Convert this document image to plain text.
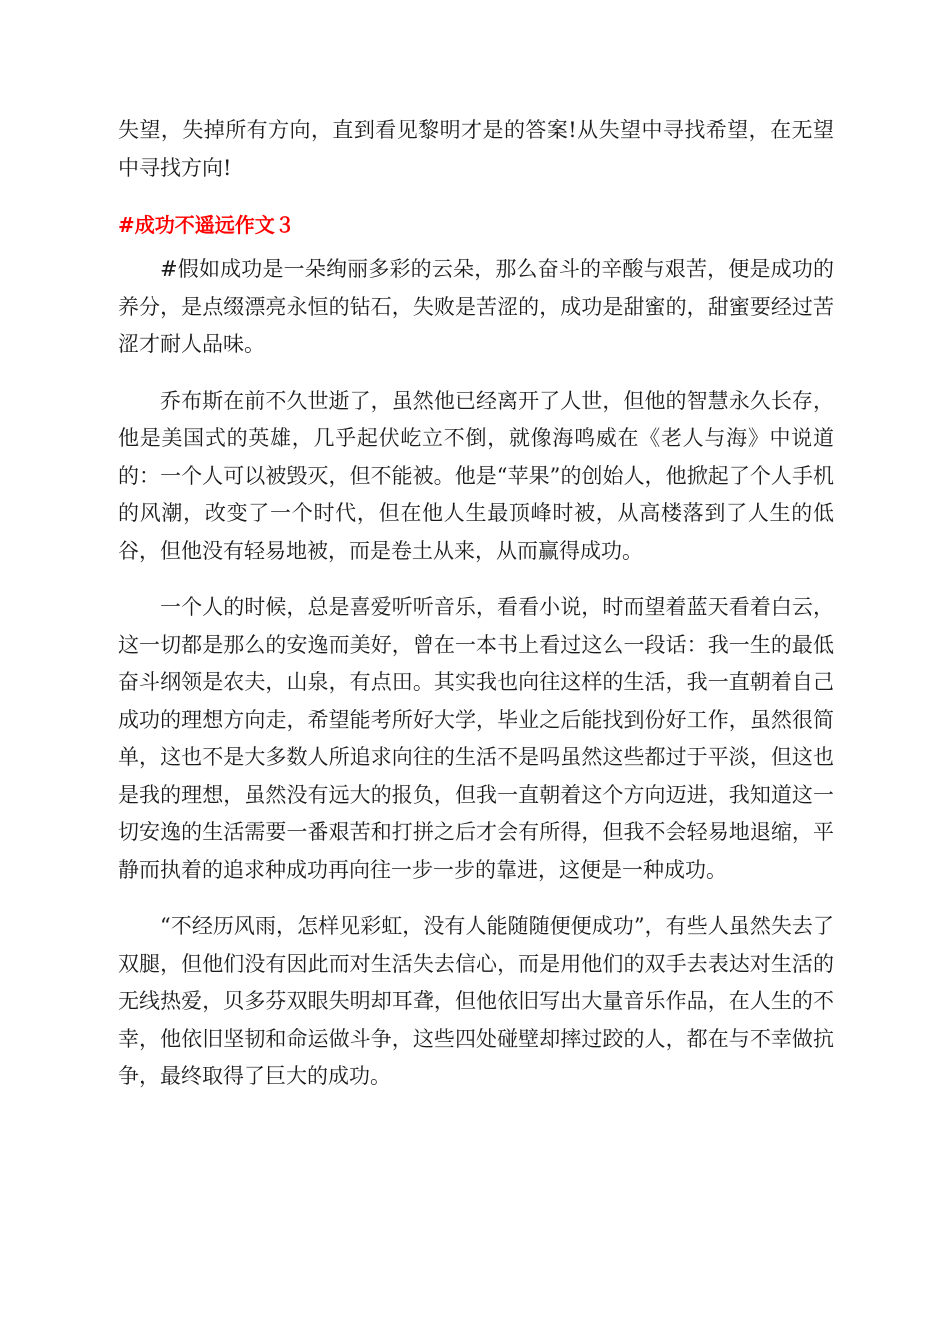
失望，失掉所有方向，直到看见黎明才是的答案!从失望中寻找希望，在无望中寻找方向!

#成功不遥远作文３

#假如成功是一朵绚丽多彩的云朵，那么奋斗的辛酸与艰苦，便是成功的养分，是点缀漂亮永恒的钻石，失败是苦涩的，成功是甜蜜的，甜蜜要经过苦涩才耐人品味。

乔布斯在前不久世逝了，虽然他已经离开了人世，但他的智慧永久长存，他是美国式的英雄，几乎起伏屹立不倒，就像海鸣威在《老人与海》中说道的：一个人可以被毁灭，但不能被。他是“苹果”的创始人，他掀起了个人手机的风潮，改变了一个时代，但在他人生最顶峰时被，从高楼落到了人生的低谷，但他没有轻易地被，而是卷土从来，从而赢得成功。

一个人的时候，总是喜爱听听音乐，看看小说，时而望着蓝天看着白云，这一切都是那么的安逸而美好，曾在一本书上看过这么一段话：我一生的最低奋斗纲领是农夫，山泉，有点田。其实我也向往这样的生活，我一直朝着自己成功的理想方向走，希望能考所好大学，毕业之后能找到份好工作，虽然很简单，这也不是大多数人所追求向往的生活不是吗虽然这些都过于平淡，但这也是我的理想，虽然没有远大的报负，但我一直朝着这个方向迈进，我知道这一切安逸的生活需要一番艰苦和打拼之后才会有所得，但我不会轻易地退缩，平静而执着的追求种成功再向往一步一步的靠进，这便是一种成功。

“不经历风雨，怎样见彩虹，没有人能随随便便成功”，有些人虽然失去了双腿，但他们没有因此而对生活失去信心，而是用他们的双手去表达对生活的无线热爱，贝多芬双眼失明却耳聋，但他依旧写出大量音乐作品，在人生的不幸，他依旧坚韧和命运做斗争，这些四处碰壁却摔过跤的人，都在与不幸做抗争，最终取得了巨大的成功。
